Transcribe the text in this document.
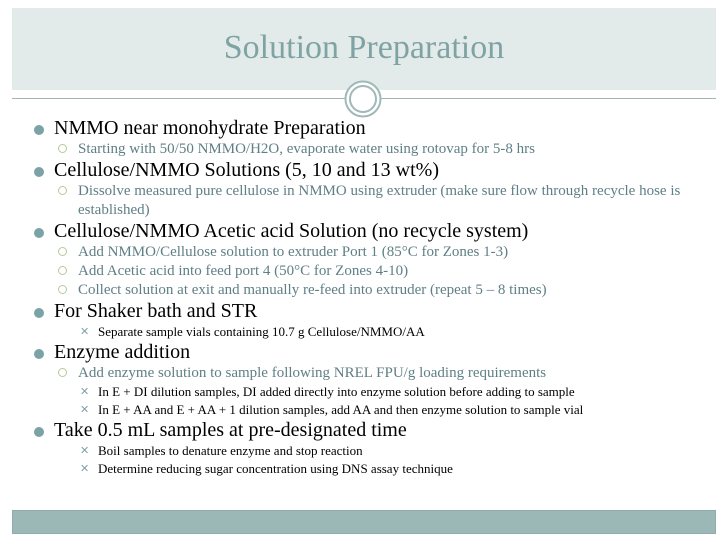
Solution Preparation
NMMO near monohydrate Preparation
Starting with 50/50 NMMO/H2O, evaporate water using rotovap for 5-8 hrs
Cellulose/NMMO Solutions (5, 10 and 13 wt%)
Dissolve measured pure cellulose in NMMO using extruder (make sure flow through recycle hose is established)
Cellulose/NMMO Acetic acid Solution (no recycle system)
Add NMMO/Cellulose solution to extruder Port 1 (85°C for Zones 1-3)
Add Acetic acid into feed port 4 (50°C for Zones 4-10)
Collect solution at exit and manually re-feed into extruder (repeat 5 – 8 times)
For Shaker bath and STR
✕ Separate sample vials containing 10.7 g Cellulose/NMMO/AA
Enzyme addition
Add enzyme solution to sample following NREL FPU/g loading requirements
✕ In E + DI dilution samples, DI added directly into enzyme solution before adding to sample
✕ In E + AA and E + AA + 1 dilution samples, add AA and then enzyme solution to sample vial
Take 0.5 mL samples at pre-designated time
✕ Boil samples to denature enzyme and stop reaction
✕ Determine reducing sugar concentration using DNS assay technique
